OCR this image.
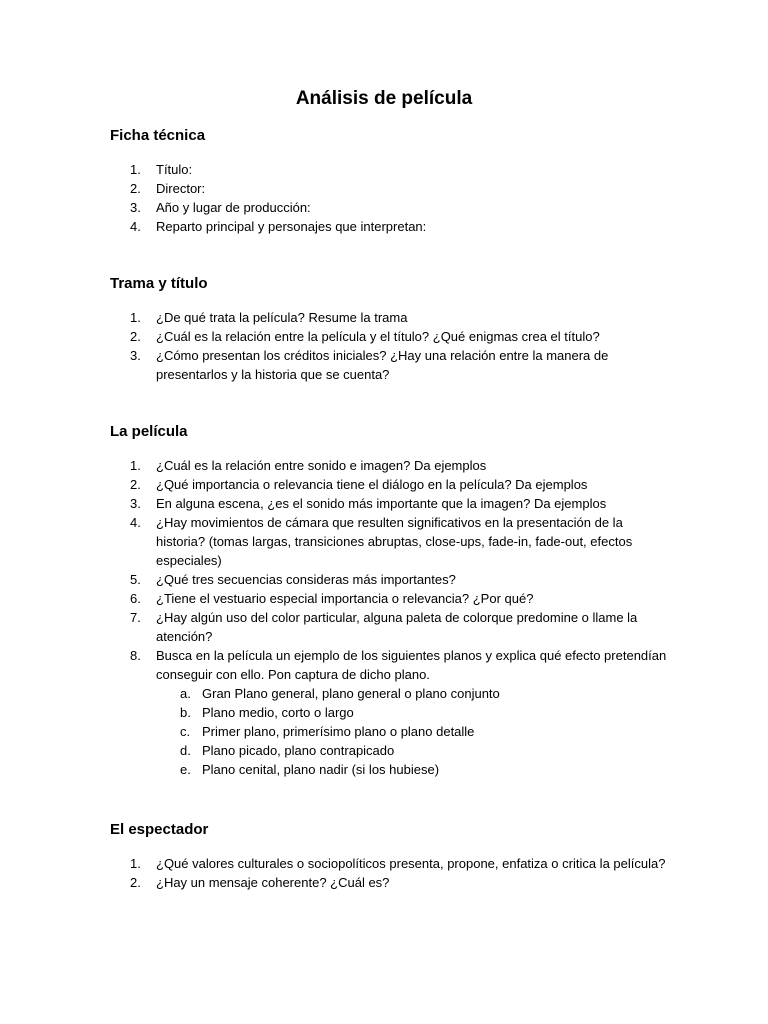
Análisis de película
Ficha técnica
1. Título:
2. Director:
3. Año y lugar de producción:
4. Reparto principal y personajes que interpretan:
Trama y título
1. ¿De qué trata la película? Resume la trama
2. ¿Cuál es la relación entre la película y el título? ¿Qué enigmas crea el título?
3. ¿Cómo presentan los créditos iniciales? ¿Hay una relación entre la manera de presentarlos y la historia que se cuenta?
La película
1. ¿Cuál es la relación entre sonido e imagen? Da ejemplos
2. ¿Qué importancia o relevancia tiene el diálogo en la película? Da ejemplos
3. En alguna escena, ¿es el sonido más importante que la imagen? Da ejemplos
4. ¿Hay movimientos de cámara que resulten significativos en la presentación de la historia? (tomas largas, transiciones abruptas, close-ups, fade-in, fade-out, efectos especiales)
5. ¿Qué tres secuencias consideras más importantes?
6. ¿Tiene el vestuario especial importancia o relevancia? ¿Por qué?
7. ¿Hay algún uso del color particular, alguna paleta de colorque predomine o llame la atención?
8. Busca en la película un ejemplo de los siguientes planos y explica qué efecto pretendían conseguir con ello. Pon captura de dicho plano.
a. Gran Plano general, plano general o plano conjunto
b. Plano medio, corto o largo
c. Primer plano, primerísimo plano o plano detalle
d. Plano picado, plano contrapicado
e. Plano cenital, plano nadir (si los hubiese)
El espectador
1. ¿Qué valores culturales o sociopolíticos presenta, propone, enfatiza o critica la película?
2. ¿Hay un mensaje coherente? ¿Cuál es?
